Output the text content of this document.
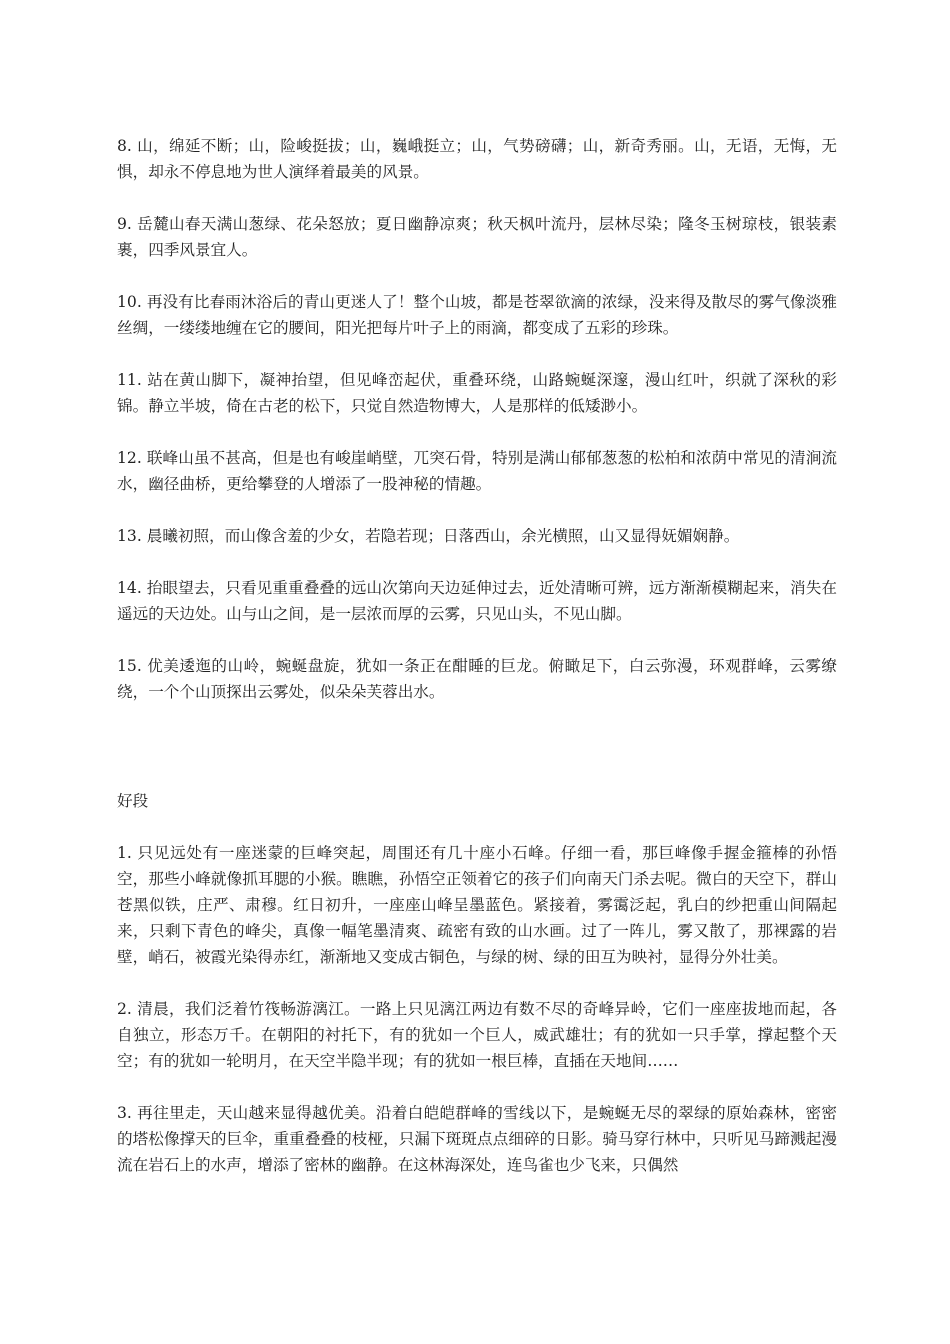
8. 山，绵延不断；山，险峻挺拔；山，巍峨挺立；山，气势磅礴；山，新奇秀丽。山，无语，无悔，无惧，却永不停息地为世人演绎着最美的风景。

9. 岳麓山春天满山葱绿、花朵怒放；夏日幽静凉爽；秋天枫叶流丹，层林尽染；隆冬玉树琼枝，银装素裹，四季风景宜人。

10. 再没有比春雨沐浴后的青山更迷人了！整个山坡，都是苍翠欲滴的浓绿，没来得及散尽的雾气像淡雅丝绸，一缕缕地缠在它的腰间，阳光把每片叶子上的雨滴，都变成了五彩的珍珠。

11. 站在黄山脚下，凝神抬望，但见峰峦起伏，重叠环绕，山路蜿蜒深邃，漫山红叶，织就了深秋的彩锦。静立半坡，倚在古老的松下，只觉自然造物博大，人是那样的低矮渺小。

12. 联峰山虽不甚高，但是也有峻崖峭壁，兀突石骨，特别是满山郁郁葱葱的松柏和浓荫中常见的清涧流水，幽径曲桥，更给攀登的人增添了一股神秘的情趣。

13. 晨曦初照，而山像含羞的少女，若隐若现；日落西山，余光横照，山又显得妩媚娴静。

14. 抬眼望去，只看见重重叠叠的远山次第向天边延伸过去，近处清晰可辨，远方渐渐模糊起来，消失在遥远的天边处。山与山之间，是一层浓而厚的云雾，只见山头，不见山脚。

15. 优美逶迤的山岭，蜿蜒盘旋，犹如一条正在酣睡的巨龙。俯瞰足下，白云弥漫，环观群峰，云雾缭绕，一个个山顶探出云雾处，似朵朵芙蓉出水。

好段

1. 只见远处有一座迷蒙的巨峰突起，周围还有几十座小石峰。仔细一看，那巨峰像手握金箍棒的孙悟空，那些小峰就像抓耳腮的小猴。瞧瞧，孙悟空正领着它的孩子们向南天门杀去呢。微白的天空下，群山苍黑似铁，庄严、肃穆。红日初升，一座座山峰呈墨蓝色。紧接着，雾霭泛起，乳白的纱把重山间隔起来，只剩下青色的峰尖，真像一幅笔墨清爽、疏密有致的山水画。过了一阵儿，雾又散了，那裸露的岩壁，峭石，被霞光染得赤红，渐渐地又变成古铜色，与绿的树、绿的田互为映衬，显得分外壮美。

2. 清晨，我们泛着竹筏畅游漓江。一路上只见漓江两边有数不尽的奇峰异岭，它们一座座拔地而起，各自独立，形态万千。在朝阳的衬托下，有的犹如一个巨人，威武雄壮；有的犹如一只手掌，撑起整个天空；有的犹如一轮明月，在天空半隐半现；有的犹如一根巨棒，直插在天地间……

3. 再往里走，天山越来显得越优美。沿着白皑皑群峰的雪线以下，是蜿蜒无尽的翠绿的原始森林，密密的塔松像撑天的巨伞，重重叠叠的枝桠，只漏下斑斑点点细碎的日影。骑马穿行林中，只听见马蹄溅起漫流在岩石上的水声，增添了密林的幽静。在这林海深处，连鸟雀也少飞来，只偶然
